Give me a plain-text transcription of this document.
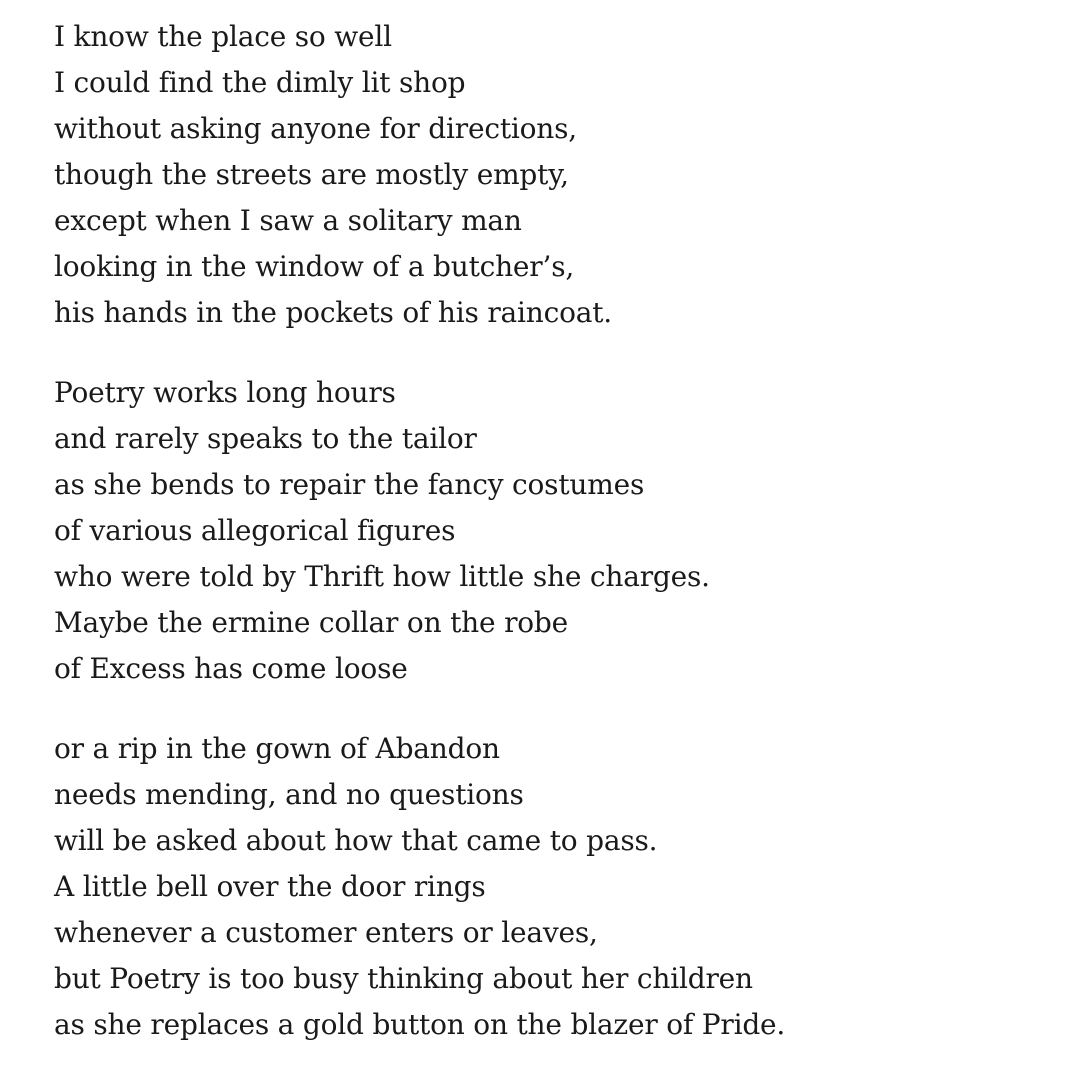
I know the place so well
I could find the dimly lit shop
without asking anyone for directions,
though the streets are mostly empty,
except when I saw a solitary man
looking in the window of a butcher’s,
his hands in the pockets of his raincoat.
Poetry works long hours
and rarely speaks to the tailor
as she bends to repair the fancy costumes
of various allegorical figures
who were told by Thrift how little she charges.
Maybe the ermine collar on the robe
of Excess has come loose
or a rip in the gown of Abandon
needs mending, and no questions
will be asked about how that came to pass.
A little bell over the door rings
whenever a customer enters or leaves,
but Poetry is too busy thinking about her children
as she replaces a gold button on the blazer of Pride.
